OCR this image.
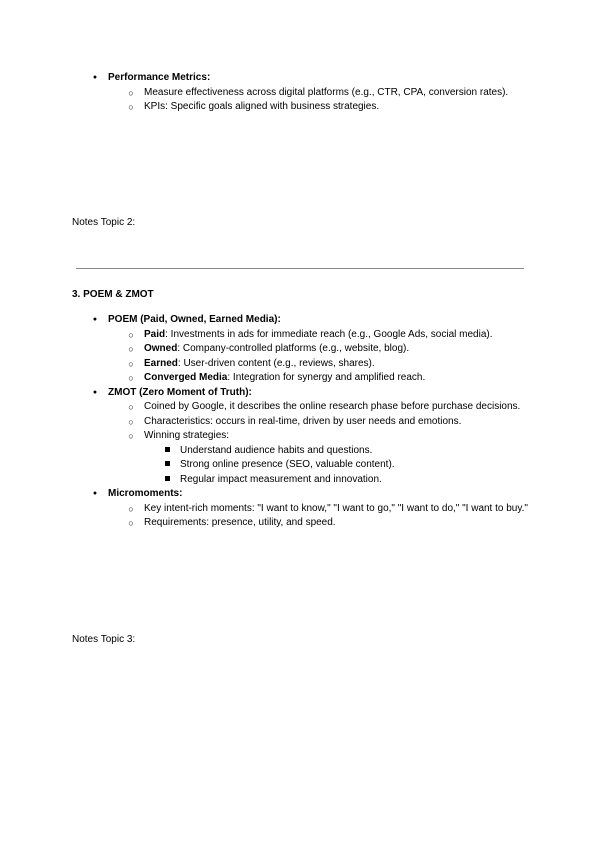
●
Performance Metrics:
○
Measure effectiveness across digital platforms (e.g., CTR, CPA, conversion rates).
○
KPIs: Specific goals aligned with business strategies.
Notes Topic 2:
3. POEM & ZMOT
●
POEM (Paid, Owned, Earned Media):
○
Paid: Investments in ads for immediate reach (e.g., Google Ads, social media).
○
Owned: Company-controlled platforms (e.g., website, blog).
○
Earned: User-driven content (e.g., reviews, shares).
○
Converged Media: Integration for synergy and amplified reach.
●
ZMOT (Zero Moment of Truth):
○
Coined by Google, it describes the online research phase before purchase decisions.
○
Characteristics: occurs in real-time, driven by user needs and emotions.
○
Winning strategies:
Understand audience habits and questions.
Strong online presence (SEO, valuable content).
Regular impact measurement and innovation.
●
Micromoments:
○
Key intent-rich moments: "I want to know," "I want to go," "I want to do," "I want to buy."
○
Requirements: presence, utility, and speed.
Notes Topic 3:
